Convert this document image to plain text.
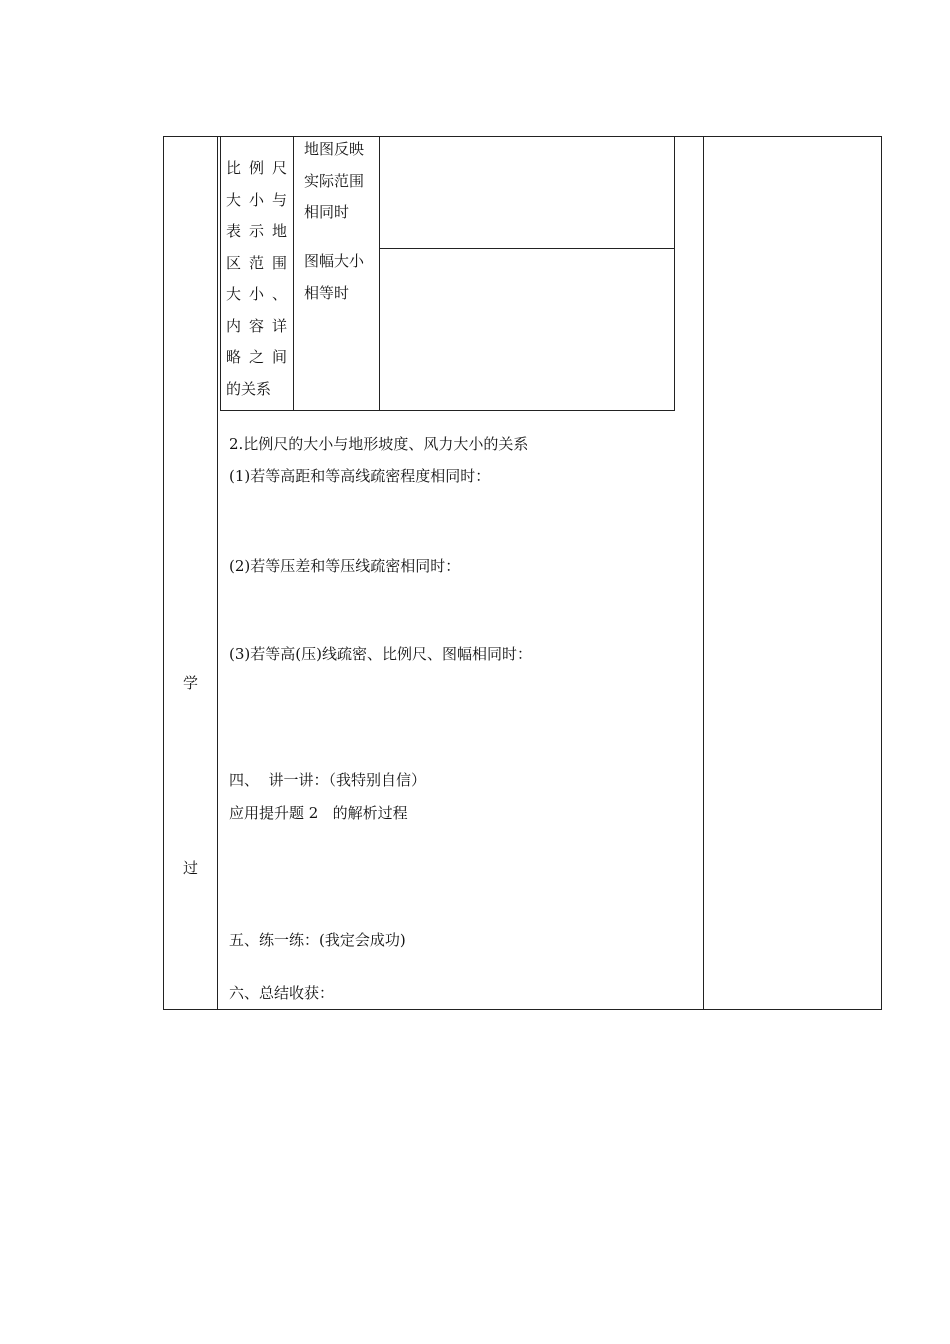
学
过
比例尺
大小与
表示地
区范围
大小、
内容详
略之间
的关系
地图反映
实际范围
相同时
图幅大小
相等时
2.比例尺的大小与地形坡度、风力大小的关系
(1)若等高距和等高线疏密程度相同时：
(2)若等压差和等压线疏密相同时：
(3)若等高(压)线疏密、比例尺、图幅相同时：
四、  讲一讲：（我特别自信）
应用提升题 2   的解析过程
五、练一练：(我定会成功)
六、总结收获：
